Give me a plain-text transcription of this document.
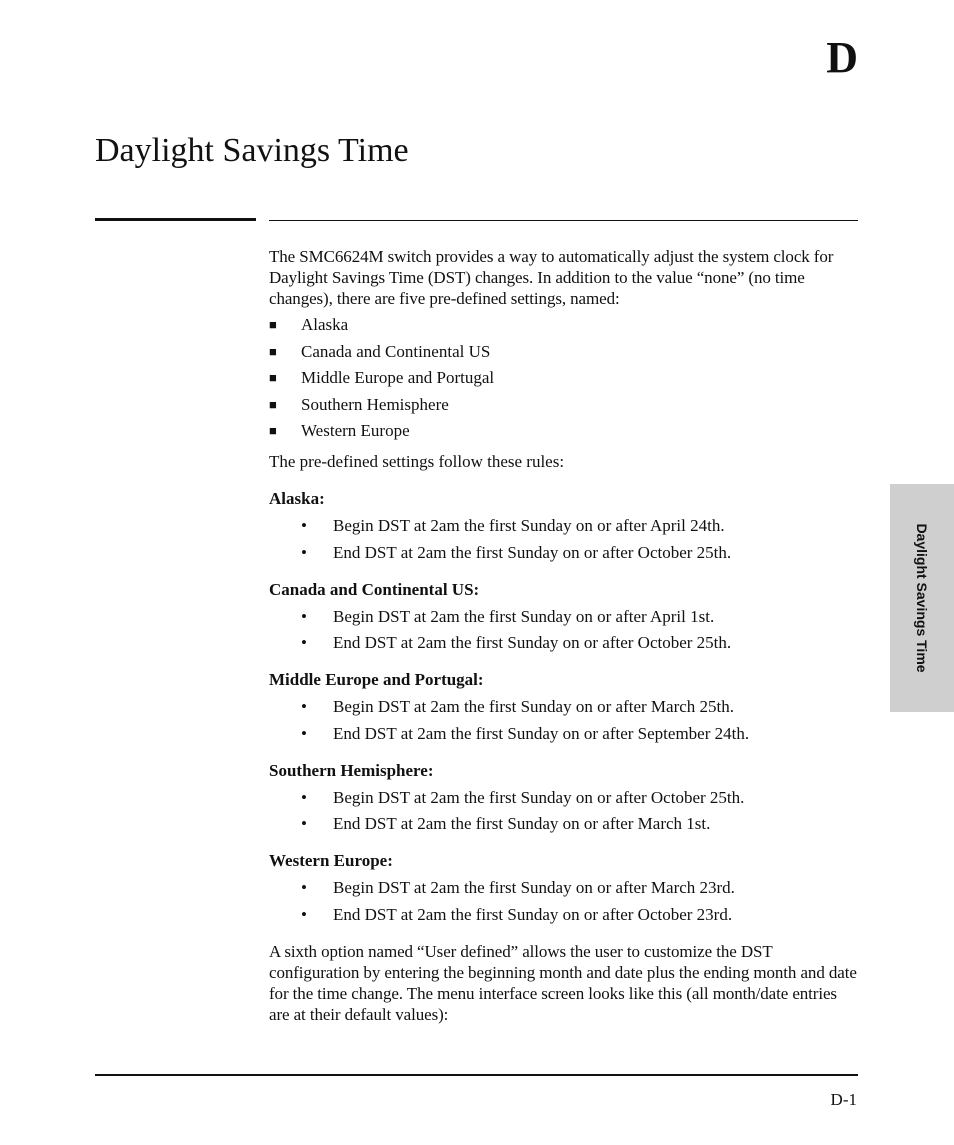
D
Daylight Savings Time
Daylight Savings Time

The SMC6624M switch provides a way to automatically adjust the system clock for Daylight Savings Time (DST) changes. In addition to the value “none” (no time changes), there are five pre-defined settings, named:

■ Alaska
■ Canada and Continental US
■ Middle Europe and Portugal
■ Southern Hemisphere
■ Western Europe

The pre-defined settings follow these rules:

Alaska:

• Begin DST at 2am the first Sunday on or after April 24th.
• End DST at 2am the first Sunday on or after October 25th.

Canada and Continental US:

• Begin DST at 2am the first Sunday on or after April 1st.
• End DST at 2am the first Sunday on or after October 25th.

Middle Europe and Portugal:

• Begin DST at 2am the first Sunday on or after March 25th.
• End DST at 2am the first Sunday on or after September 24th.

Southern Hemisphere:

• Begin DST at 2am the first Sunday on or after October 25th.
• End DST at 2am the first Sunday on or after March 1st.

Western Europe:

• Begin DST at 2am the first Sunday on or after March 23rd.
• End DST at 2am the first Sunday on or after October 23rd.

A sixth option named “User defined” allows the user to customize the DST configuration by entering the beginning month and date plus the ending month and date for the time change. The menu interface screen looks like this (all month/date entries are at their default values):

D-1
